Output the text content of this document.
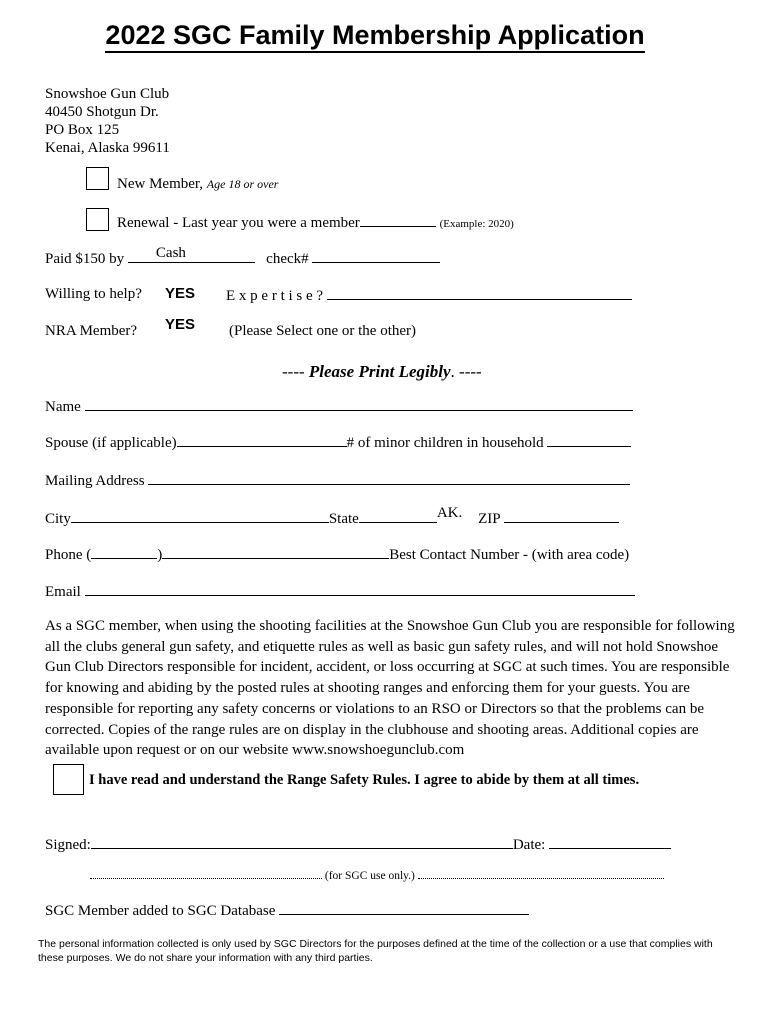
2022 SGC Family Membership Application
Snowshoe Gun Club
40450 Shotgun Dr.
PO Box 125
Kenai, Alaska 99611
New Member, Age 18 or over
Renewal - Last year you were a member	(Example: 2020)
Paid $150 by Cash	check#
Willing to help? YES E x p e r t i s e ?
NRA Member? YES (Please Select one or the other)
---- Please Print Legibly. ----
Name
Spouse (if applicable)	# of minor children in household
Mailing Address
City	State	AK. ZIP
Phone (	)	Best Contact Number - (with area code)
Email
As a SGC member, when using the shooting facilities at the Snowshoe Gun Club you are responsible for following all the clubs general gun safety, and etiquette rules as well as basic gun safety rules, and will not hold Snowshoe Gun Club Directors responsible for incident, accident, or loss occurring at SGC at such times. You are responsible for knowing and abiding by the posted rules at shooting ranges and enforcing them for your guests. You are responsible for reporting any safety concerns or violations to an RSO or Directors so that the problems can be corrected. Copies of the range rules are on display in the clubhouse and shooting areas. Additional copies are available upon request or on our website www.snowshoegunclub.com
I have read and understand the Range Safety Rules. I agree to abide by them at all times.
Signed:	Date:
(for SGC use only.)
SGC Member added to SGC Database
The personal information collected is only used by SGC Directors for the purposes defined at the time of the collection or a use that complies with these purposes. We do not share your information with any third parties.
